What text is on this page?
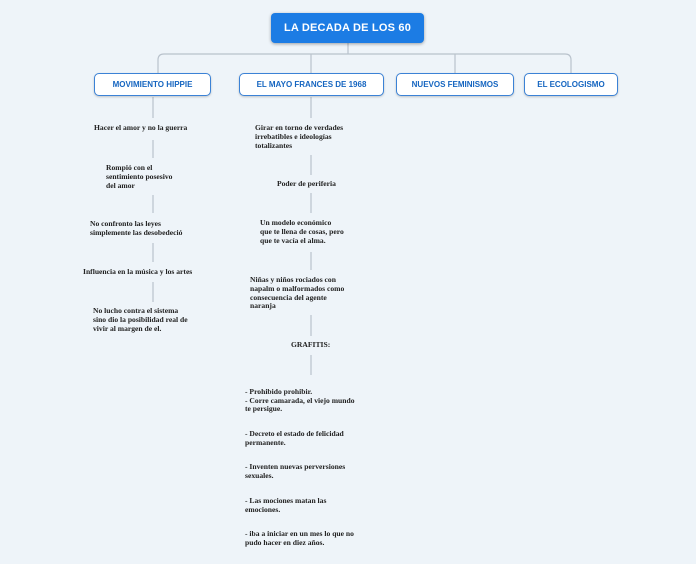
LA DECADA DE LOS 60
MOVIMIENTO HIPPIE	EL MAYO FRANCES DE 1968	NUEVOS FEMINISMOS	EL ECOLOGISMO
Hacer el amor y no la guerra
Rompió con el
sentimiento posesivo
del amor
No confronto las leyes
simplemente las desobedeció
Influencia en la música y los artes
No lucho contra el sistema
sino dio la posibilidad real de
vivir al margen de el.
Girar en torno de verdades
irrebatibles e ideologías
totalizantes
Poder de periferia
Un modelo económico
que te llena de cosas, pero
que te vacía el alma.
Niñas y niños rociados con
napalm o malformados como
consecuencia del agente
naranja
GRAFITIS:

- Prohibido prohibir.
- Corre camarada, el viejo mundo
te persigue.

- Decreto el estado de felicidad
permanente.

- Inventen nuevas perversiones
sexuales.

- Las mociones matan las
emociones.

- iba a iniciar en un mes lo que no
pudo hacer en diez años.
